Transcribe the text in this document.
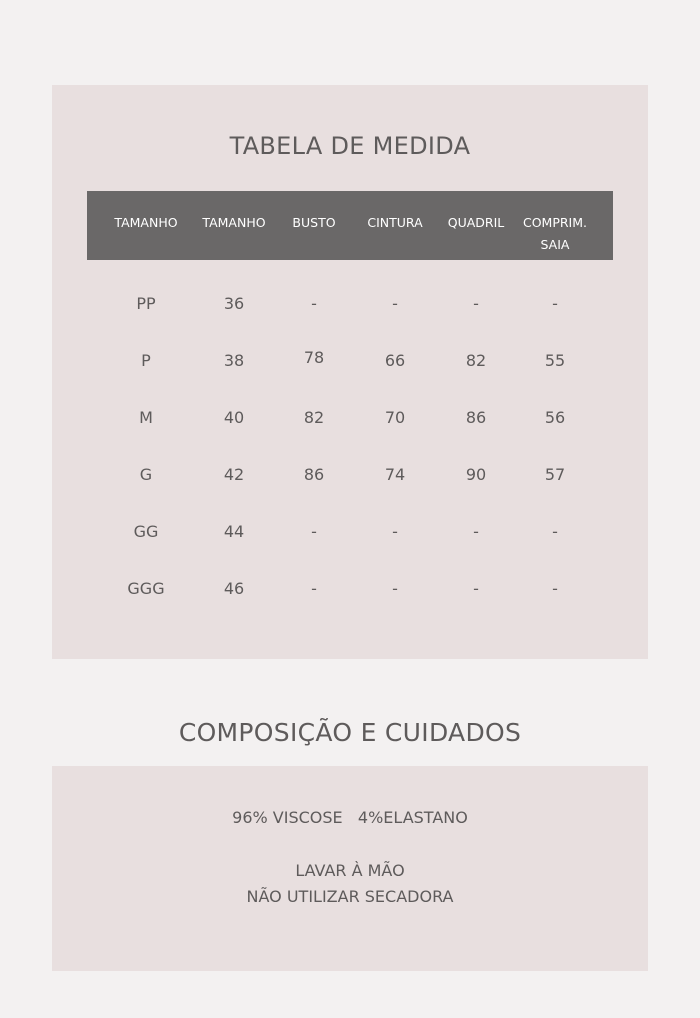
TABELA DE MEDIDA
TAMANHO	TAMANHO	BUSTO	CINTURA	QUADRIL	COMPRIM.
SAIA
PP	36	-	-	-	-
P	38	78	66	82	55
M	40	82	70	86	56
G	42	86	74	90	57
GG	44	-	-	-	-
GGG	46	-	-	-	-
COMPOSIÇÃO E CUIDADOS
96% VISCOSE   4%ELASTANO
LAVAR À MÃO
NÃO UTILIZAR SECADORA
